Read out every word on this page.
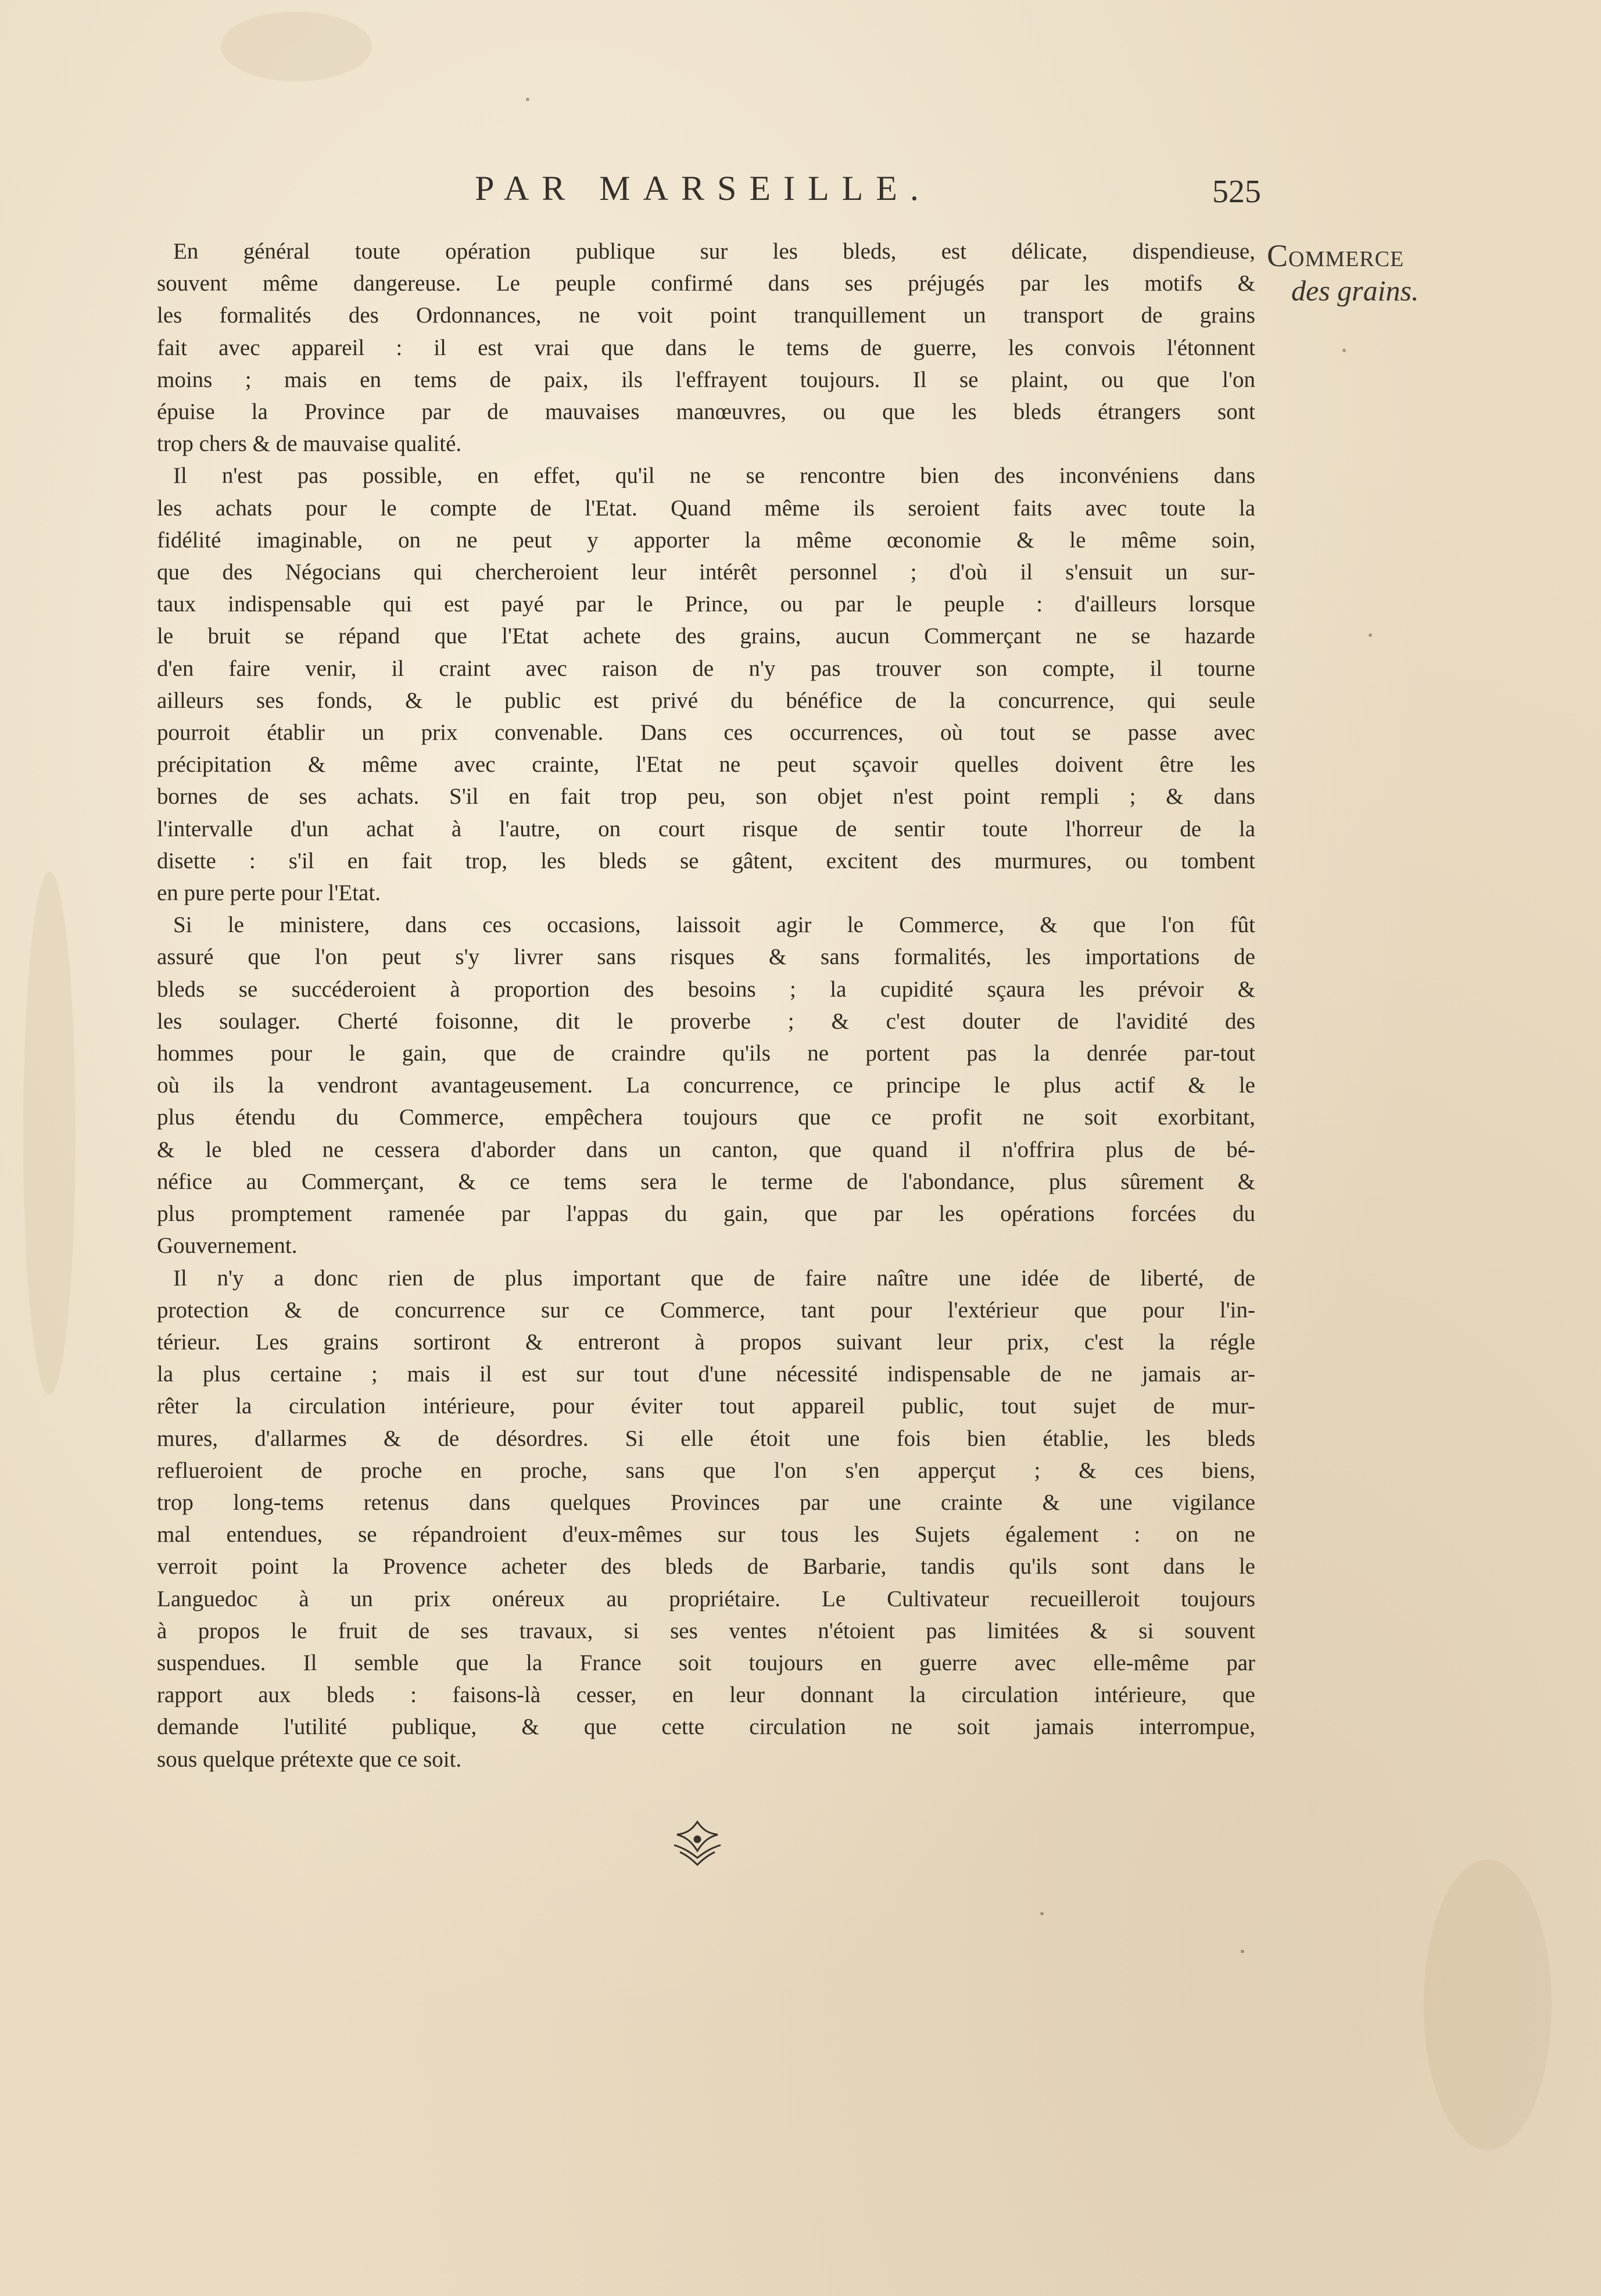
PAR MARSEILLE.	525
Commerce
des grains.

En général toute opération publique sur les bleds, est délicate, dispendieuse,
souvent même dangereuse. Le peuple confirmé dans ses préjugés par les motifs &
les formalités des Ordonnances, ne voit point tranquillement un transport de grains
fait avec appareil : il est vrai que dans le tems de guerre, les convois l'étonnent
moins ; mais en tems de paix, ils l'effrayent toujours. Il se plaint, ou que l'on
épuise la Province par de mauvaises manœuvres, ou que les bleds étrangers sont
trop chers & de mauvaise qualité.

Il n'est pas possible, en effet, qu'il ne se rencontre bien des inconvéniens dans
les achats pour le compte de l'Etat. Quand même ils seroient faits avec toute la
fidélité imaginable, on ne peut y apporter la même œconomie & le même soin,
que des Négocians qui chercheroient leur intérêt personnel ; d'où il s'ensuit un sur-
taux indispensable qui est payé par le Prince, ou par le peuple : d'ailleurs lorsque
le bruit se répand que l'Etat achete des grains, aucun Commerçant ne se hazarde
d'en faire venir, il craint avec raison de n'y pas trouver son compte, il tourne
ailleurs ses fonds, & le public est privé du bénéfice de la concurrence, qui seule
pourroit établir un prix convenable. Dans ces occurrences, où tout se passe avec
précipitation & même avec crainte, l'Etat ne peut sçavoir quelles doivent être les
bornes de ses achats. S'il en fait trop peu, son objet n'est point rempli ; & dans
l'intervalle d'un achat à l'autre, on court risque de sentir toute l'horreur de la
disette : s'il en fait trop, les bleds se gâtent, excitent des murmures, ou tombent
en pure perte pour l'Etat.

Si le ministere, dans ces occasions, laissoit agir le Commerce, & que l'on fût
assuré que l'on peut s'y livrer sans risques & sans formalités, les importations de
bleds se succéderoient à proportion des besoins ; la cupidité sçaura les prévoir &
les soulager. Cherté foisonne, dit le proverbe ; & c'est douter de l'avidité des
hommes pour le gain, que de craindre qu'ils ne portent pas la denrée par-tout
où ils la vendront avantageusement. La concurrence, ce principe le plus actif & le
plus étendu du Commerce, empêchera toujours que ce profit ne soit exorbitant,
& le bled ne cessera d'aborder dans un canton, que quand il n'offrira plus de bé-
néfice au Commerçant, & ce tems sera le terme de l'abondance, plus sûrement &
plus promptement ramenée par l'appas du gain, que par les opérations forcées du
Gouvernement.

Il n'y a donc rien de plus important que de faire naître une idée de liberté, de
protection & de concurrence sur ce Commerce, tant pour l'extérieur que pour l'in-
térieur. Les grains sortiront & entreront à propos suivant leur prix, c'est la régle
la plus certaine ; mais il est sur tout d'une nécessité indispensable de ne jamais ar-
rêter la circulation intérieure, pour éviter tout appareil public, tout sujet de mur-
mures, d'allarmes & de désordres. Si elle étoit une fois bien établie, les bleds
reflueroient de proche en proche, sans que l'on s'en apperçut ; & ces biens,
trop long-tems retenus dans quelques Provinces par une crainte & une vigilance
mal entendues, se répandroient d'eux-mêmes sur tous les Sujets également : on ne
verroit point la Provence acheter des bleds de Barbarie, tandis qu'ils sont dans le
Languedoc à un prix onéreux au propriétaire. Le Cultivateur recueilleroit toujours
à propos le fruit de ses travaux, si ses ventes n'étoient pas limitées & si souvent
suspendues. Il semble que la France soit toujours en guerre avec elle-même par
rapport aux bleds : faisons-là cesser, en leur donnant la circulation intérieure, que
demande l'utilité publique, & que cette circulation ne soit jamais interrompue,
sous quelque prétexte que ce soit.
